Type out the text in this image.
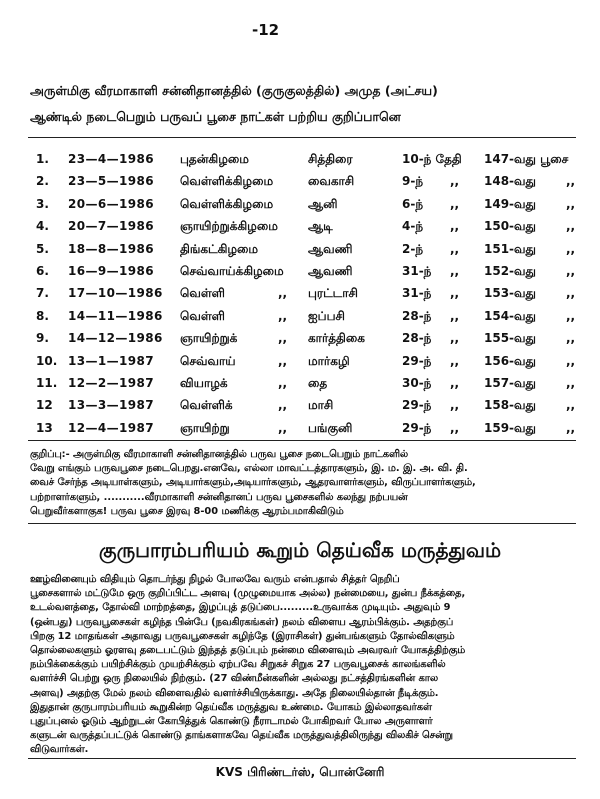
-12
அருள்மிகு வீரமாகாளி சன்னிதானத்தில் (குருகுலத்தில்) அமுத (அட்சய)
ஆண்டில் நடைபெறும் பருவப் பூசை நாட்கள் பற்றிய குறிப்பானெ
1. 23—4—1986 புதன்கிழமை	சித்திரை	10-ந் தேதி 147-வது பூசை
2. 23—5—1986 வெள்ளிக்கிழமை	வைகாசி	9-ந் ,, 148-வது	,,
3. 20—6—1986 வெள்ளிக்கிழமை	ஆனி	6-ந் ,, 149-வது	,,
4. 20—7—1986 ஞாயிற்றுக்கிழமை	ஆடி	4-ந் ,, 150-வது	,,
5. 18—8—1986 திங்கட்கிழமை	ஆவணி	2-ந் ,, 151-வது	,,
6. 16—9—1986 செவ்வாய்க்கிழமை ஆவணி	31-ந் ,, 152-வது	,,
7. 17—10—1986 வெள்ளி	,, புரட்டாசி	31-ந் ,, 153-வது	,,
8. 14—11—1986 வெள்ளி	,, ஐப்பசி	28-ந் ,, 154-வது	,,
9. 14—12—1986 ஞாயிற்றுக்	,, கார்த்திகை	28-ந் ,, 155-வது	,,
10. 13—1—1987 செவ்வாய்	,, மார்கழி	29-ந் ,, 156-வது	,,
11. 12—2—1987 வியாழக்	,, தை	30-ந் ,, 157-வது	,,
12 13—3—1987 வெள்ளிக்	,, மாசி	29-ந் ,, 158-வது	,,
13 12—4—1987 ஞாயிற்று	,, பங்குனி	29-ந் ,, 159-வது	,,

குறிப்பு:- அருள்மிகு வீரமாகாளி சன்னிதானத்தில் பருவ பூசை நடைபெறும் நாட்களில்

வேறு எங்கும் பருவபூசை நடைபெறது.எனவே, எல்லா மாவட்டத்தாரகளும், இ. ம. இ. அ. வி. தி.

வைச் சேர்ந்த அடியாள்களும், அடியார்களும்,அடியார்களும், ஆதரவாளர்களும், விருப்பாளர்களும்,

பற்றாளர்களும், ...........வீரமாகாளி சன்னிதானப் பருவ பூசைகளில் கலந்து நற்பயன்

பெறுவீர்களாகுக! பருவ பூசை இரவு 8-00 மணிக்கு ஆரம்பமாகிவிடும்

குருபாரம்பரியம் கூறும் தெய்வீக மருத்துவம்

ஊழ்வினையும் விதியும் தொடர்ந்து நிழல் போலவே வரும் என்பதால் சித்தர் நெறிப்

பூசைகளால் மட்டுமே ஒரு குறிப்பிட்ட அளவு (முழுமையாக அல்ல) நன்மையை, துன்ப நீக்கத்தை,

உடல்வளத்தை, தோல்வி மாற்றத்தை, இழப்புத் தடுப்பை.........உருவாக்க முடியும். அதுவும் 9

(ஒன்பது) பருவபூசைகள் கழிந்த பின்பே (நவகிரகங்கள்) நலம் விளைய ஆரம்பிக்கும். அதற்குப்

பிறகு 12 மாதங்கள் அதாவது பருவபூசைகள் கழிந்தே (இராசிகள்) துன்பங்களும் தோல்விகளும்

தொல்லைகளும் ஓரளவு தடைபட்டும் இந்தத் தடுப்பும் நன்மை விளைவும் அவரவர் யோகத்திற்கும்

நம்பிக்கைக்கும் பயிற்சிக்கும் முயற்சிக்கும் ஏற்பவே சிறுகச் சிறுக 27 பருவபூசைக் காலங்களில்

வளர்ச்சி பெற்று ஒரு நிலையில் நிற்கும். (27 விண்மீன்களின் அல்லது நட்சத்திரங்களின் கால

அளவு) அதற்கு மேல் நலம் விளைவதில் வளர்ச்சியிருக்காது. அதே நிலையில்தான் நீடிக்கும்.

இதுதான் குருபாரம்பரியம் கூறுகின்ற தெய்வீக மருத்துவ உண்மை. யோகம் இல்லாதவர்கள்

புதுப்புனல் ஓடும் ஆற்றுடன் கோபித்துக் கொண்டு நீராடாமல் போகிறவர் போல அருளாளர்

களுடன் வருத்தப்பட்டுக் கொண்டு தாங்களாகவே தெய்வீக மருத்துவத்திலிருந்து விலகிச் சென்று

விடுவார்கள்.

KVS பிரிண்டர்ஸ், பொன்னேரி
